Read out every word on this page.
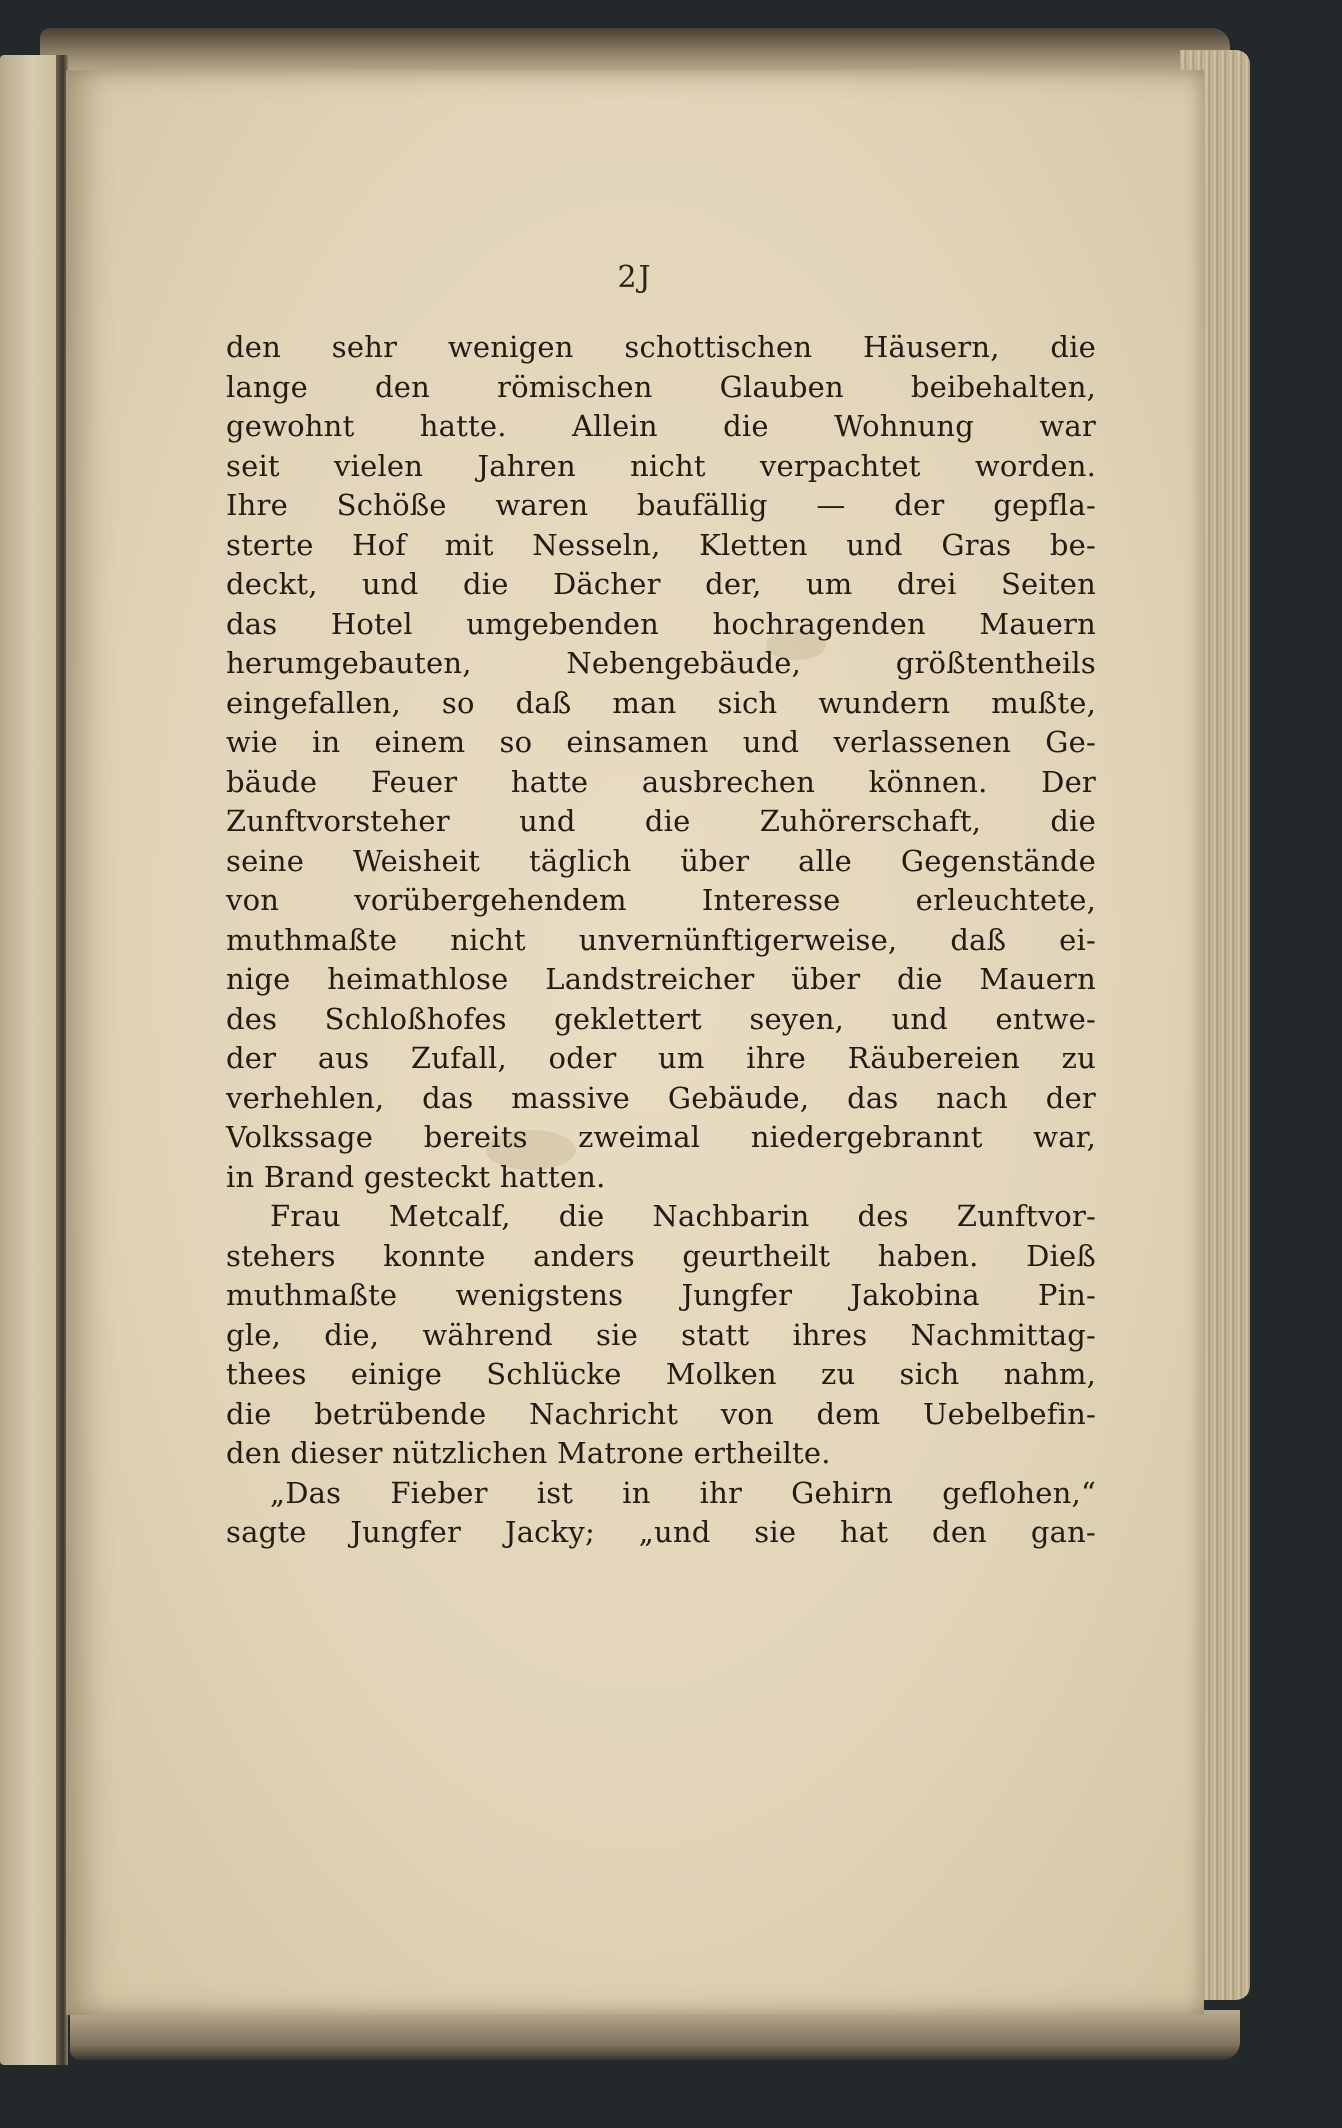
2J
den sehr wenigen schottischen Häusern, die
lange den römischen Glauben beibehalten,
gewohnt hatte. Allein die Wohnung war
seit vielen Jahren nicht verpachtet worden.
Ihre Schöße waren baufällig — der gepfla-
sterte Hof mit Nesseln, Kletten und Gras be-
deckt, und die Dächer der, um drei Seiten
das Hotel umgebenden hochragenden Mauern
herumgebauten, Nebengebäude, größtentheils
eingefallen, so daß man sich wundern mußte,
wie in einem so einsamen und verlassenen Ge-
bäude Feuer hatte ausbrechen können. Der
Zunftvorsteher und die Zuhörerschaft, die
seine Weisheit täglich über alle Gegenstände
von vorübergehendem Interesse erleuchtete,
muthmaßte nicht unvernünftigerweise, daß ei-
nige heimathlose Landstreicher über die Mauern
des Schloßhofes geklettert seyen, und entwe-
der aus Zufall, oder um ihre Räubereien zu
verhehlen, das massive Gebäude, das nach der
Volkssage bereits zweimal niedergebrannt war,
in Brand gesteckt hatten.
Frau Metcalf, die Nachbarin des Zunftvor-
stehers konnte anders geurtheilt haben. Dieß
muthmaßte wenigstens Jungfer Jakobina Pin-
gle, die, während sie statt ihres Nachmittag-
thees einige Schlücke Molken zu sich nahm,
die betrübende Nachricht von dem Uebelbefin-
den dieser nützlichen Matrone ertheilte.
„Das Fieber ist in ihr Gehirn geflohen,“
sagte Jungfer Jacky; „und sie hat den gan-
